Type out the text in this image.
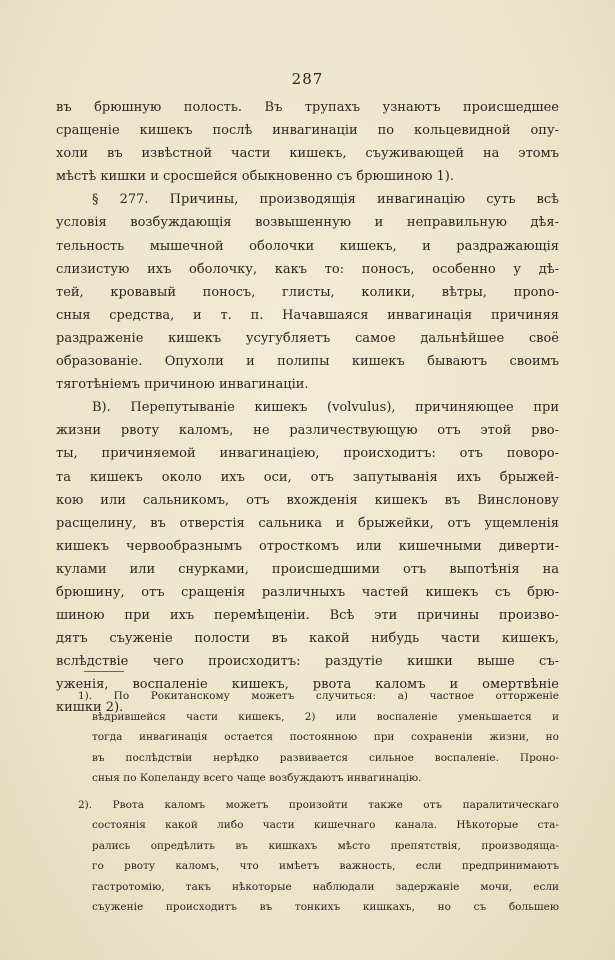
287
въ брюшную полость. Въ трупахъ узнаютъ происшедшее
сращеніе кишекъ послѣ инвагинаціи по кольцевидной опу-
холи въ извѣстной части кишекъ, съуживающей на этомъ
мѣстѣ кишки и сросшейся обыкновенно съ брюшиною 1).
§ 277. Причины, производящія инвагинацію суть всѣ
условія возбуждающія возвышенную и неправильную дѣя-
тельность мышечной оболочки кишекъ, и раздражающія
слизистую ихъ оболочку, какъ то: поносъ, особенно у дѣ-
тей, кровавый поносъ, глисты, колики, вѣтры, прono-
сныя средства, и т. п. Начавшаяся инвагинація причиняя
раздраженіе кишекъ усугубляетъ самое дальнѣйшее своё
образованіе. Опухоли и полипы кишекъ бываютъ своимъ
тяготѣніемъ причиною инвагинаціи.
B). Перепутываніе кишекъ (volvulus), причиняющее при
жизни рвоту каломъ, не различествующую отъ этой рво-
ты, причиняемой инвагинаціею, происходитъ: отъ поворо-
та кишекъ около ихъ оси, отъ запутыванія ихъ брыжей-
кою или сальникомъ, отъ вхожденія кишекъ въ Винслонову
расщелину, въ отверстія сальника и брыжейки, отъ ущемленія
кишекъ червообразнымъ отросткомъ или кишечными диверти-
кулами или снурками, происшедшими отъ выпотѣнія на
брюшину, отъ сращенія различныхъ частей кишекъ съ брю-
шиною при ихъ перемѣщеніи. Всѣ эти причины произво-
дятъ съуженіе полости въ какой нибудь части кишекъ,
вслѣдствіе чего происходитъ: раздутіе кишки выше съ-
уженія, воспаленіе кишекъ, рвота каломъ и омертвѣніе
кишки 2).
1). По Рокитанскому можетъ случиться: а) частное отторженіе
вѣдрившейся части кишекъ, 2) или воспаленіе уменьшается и
тогда инвагинація остается постоянною при сохраненіи жизни, но
въ послѣдствіи нерѣдко развивается сильное воспаленіе. Проно-
сныя по Копеланду всего чаще возбуждаютъ инвагинацію.
2). Рвота каломъ можетъ произойти также отъ паралитическаго
состоянія какой либо части кишечнаго канала. Нѣкоторые ста-
рались опредѣлить въ кишкахъ мѣсто препятствія, производяща-
го рвоту каломъ, что имѣетъ важность, если предпринимаютъ
гастротомію, такъ нѣкоторые наблюдали задержаніе мочи, если
съуженіе происходитъ въ тонкихъ кишкахъ, но съ большею
